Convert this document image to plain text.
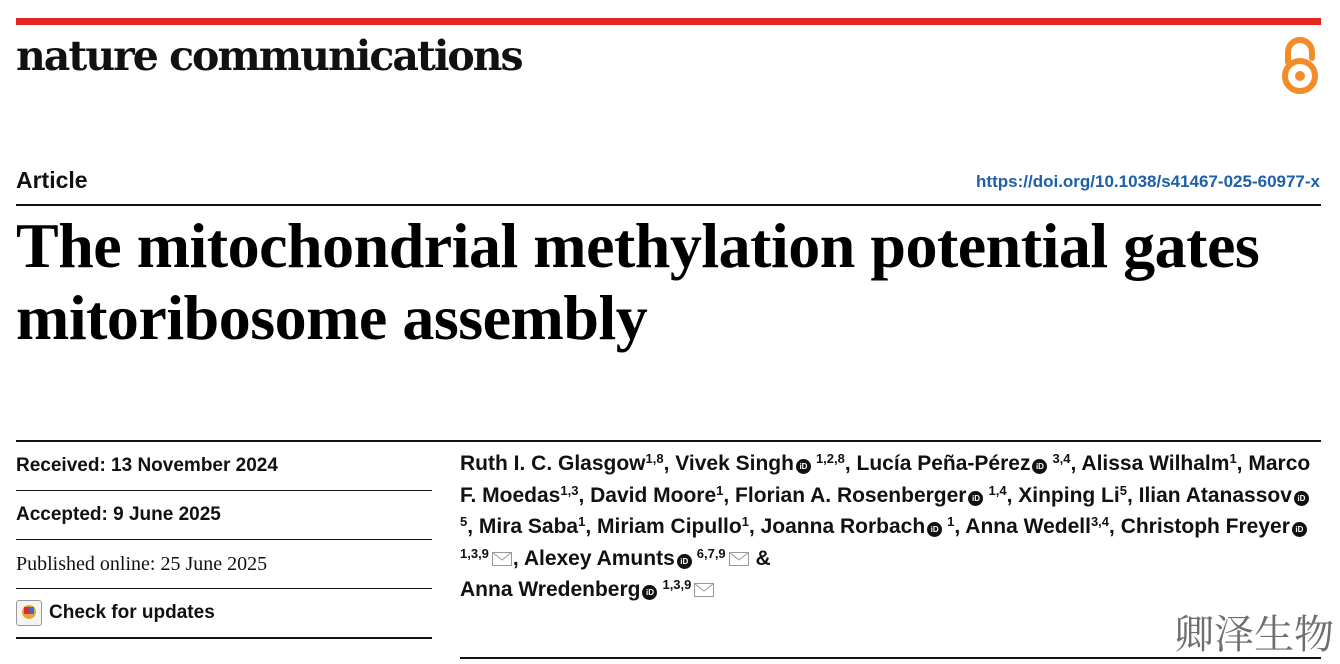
nature communications
Article	https://doi.org/10.1038/s41467-025-60977-x
The mitochondrial methylation potential gates mitoribosome assembly
Received: 13 November 2024
Accepted: 9 June 2025
Published online: 25 June 2025
Check for updates
Ruth I. C. Glasgow$^{1,8}$, Vivek Singh iD$^{1,2,8}$, Lucía Peña-Pérez iD$^{3,4}$, Alissa Wilhalm$^1$, Marco F. Moedas$^{1,3}$, David Moore$^1$, Florian A. Rosenberger iD$^{1,4}$, Xinping Li$^5$, Ilian Atanassov $iD^5$, Mira Saba$^1$, Miriam Cipullo$^1$, Joanna Rorbach $iD^1$, Anna Wedell$^{3,4}$, Christoph Freyer iD$^{1,3,9}$ , Alexey Amunts iD$^{6,7,9}$ &
Anna Wredenberg iD$^{1,3,9}$
卿泽生物
